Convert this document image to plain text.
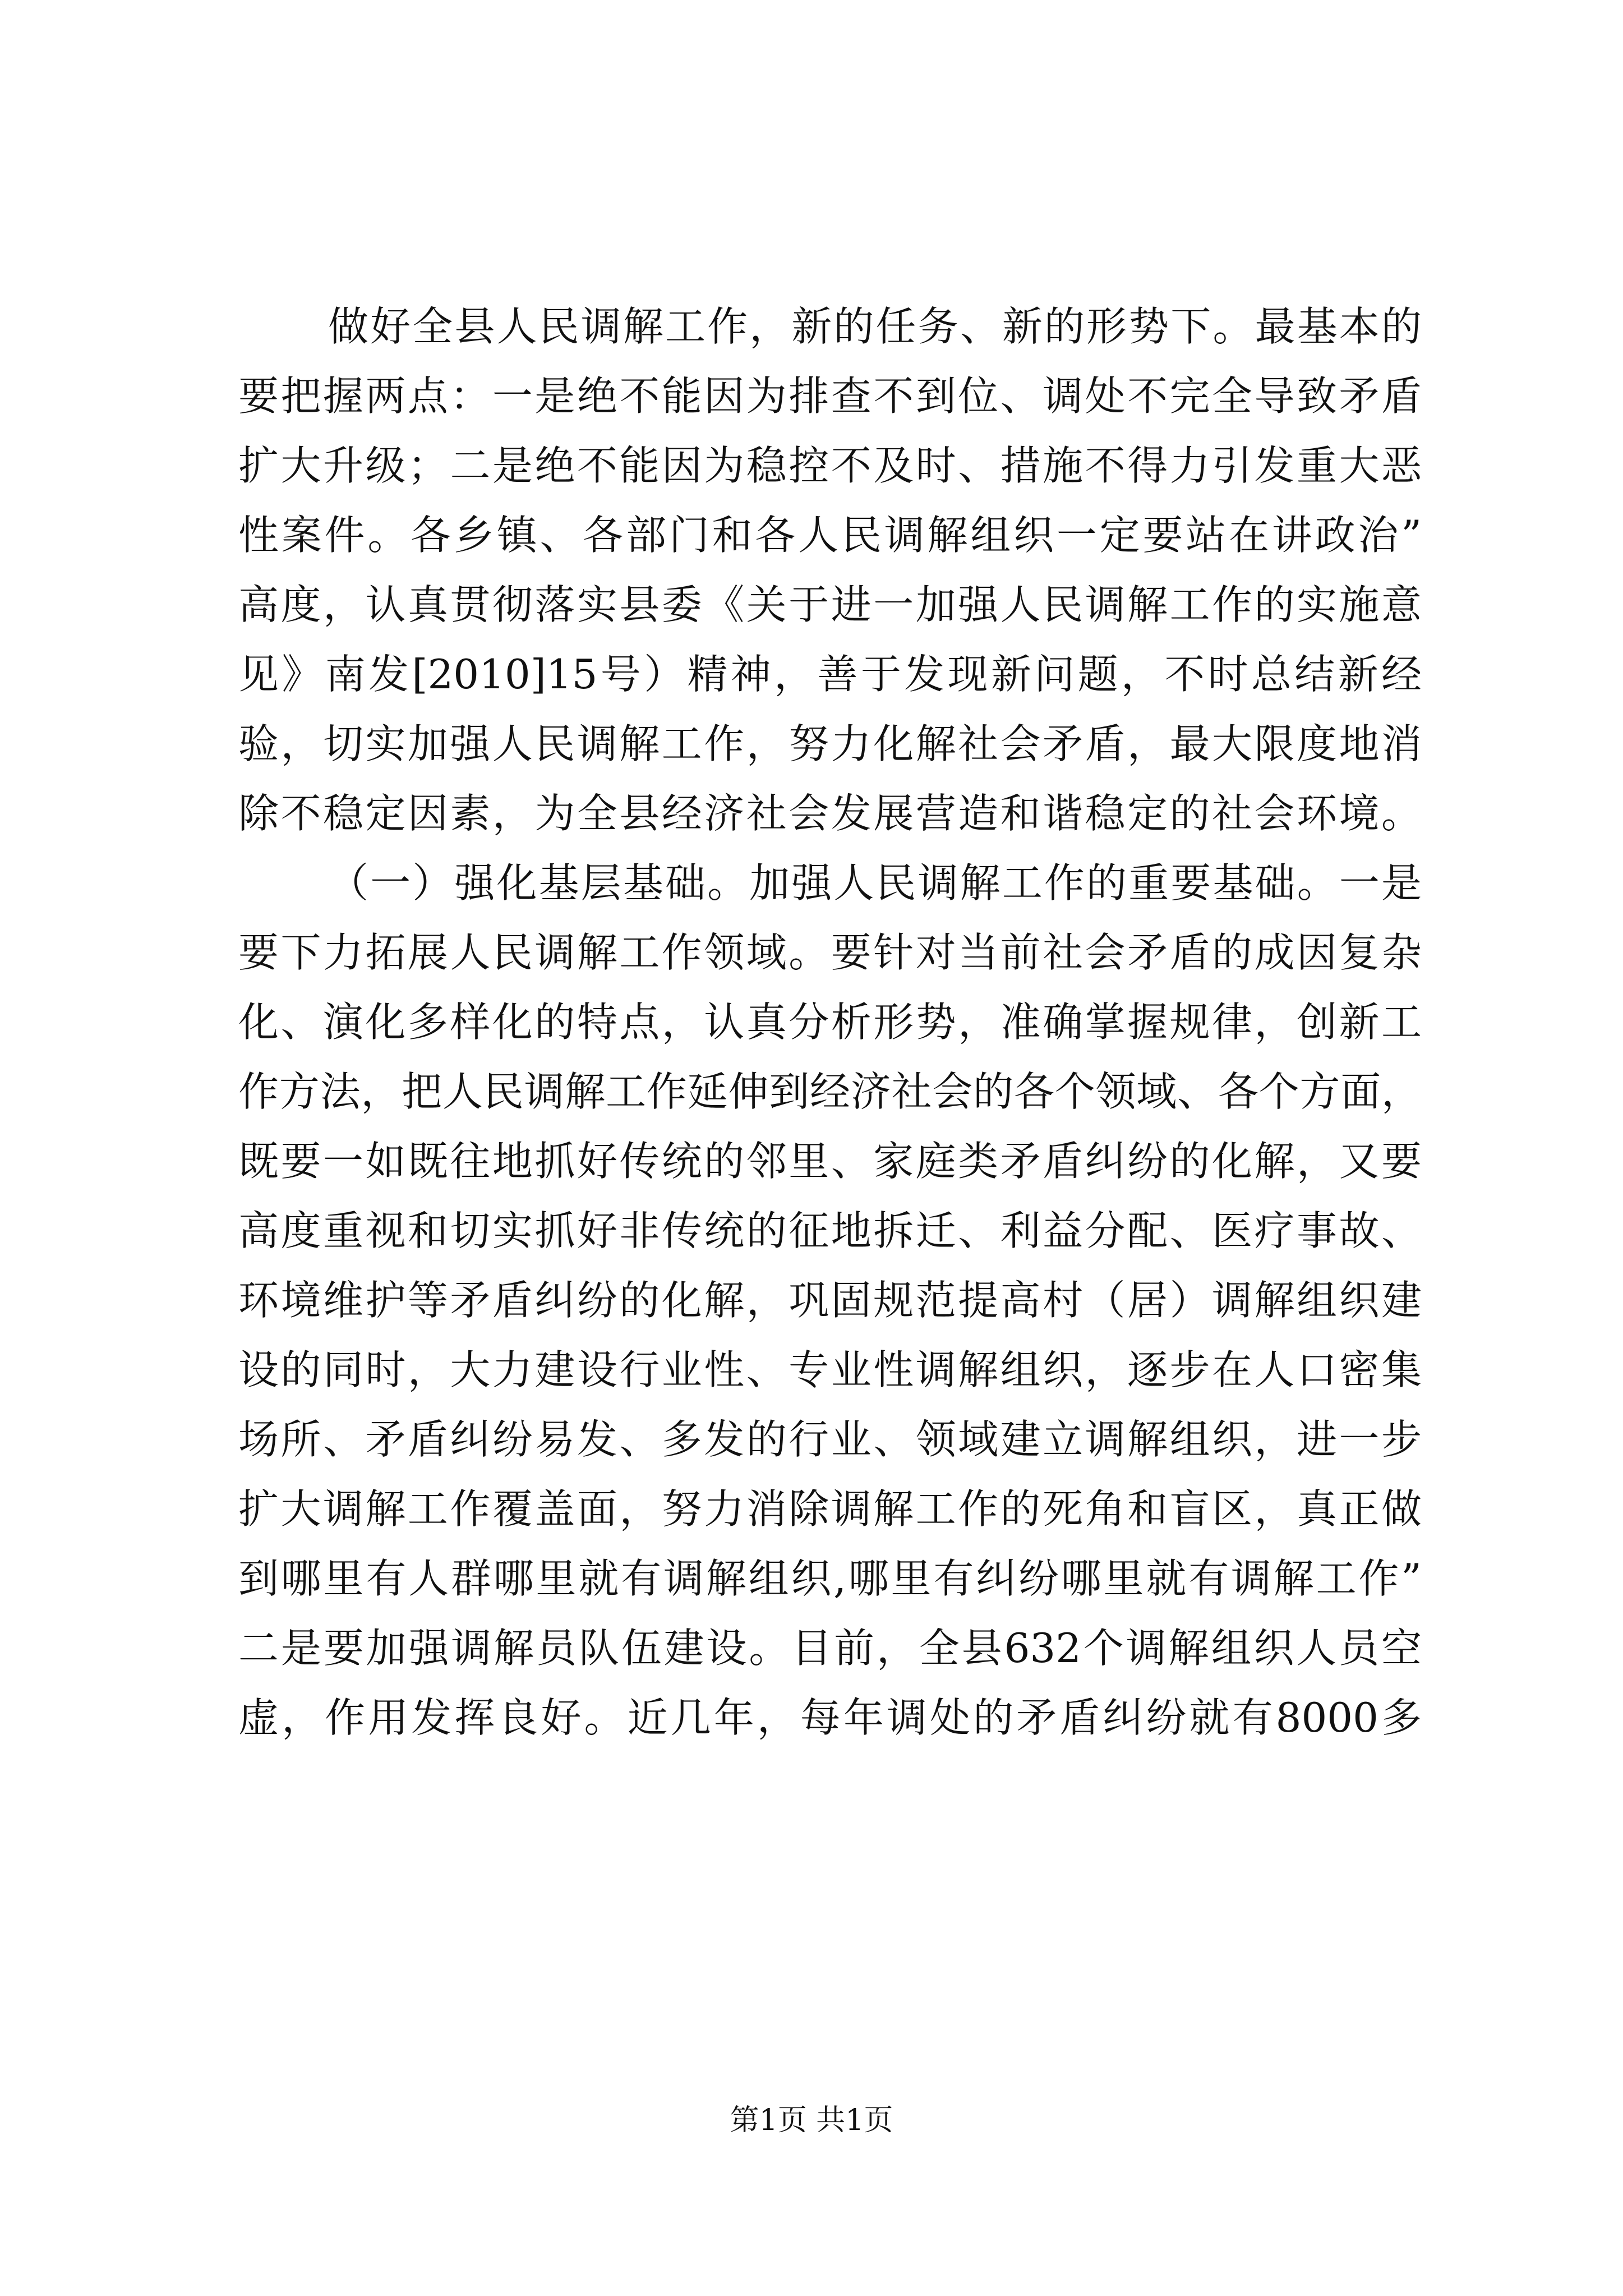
做好全县人民调解工作，新的任务、新的形势下。最基本的
要把握两点：一是绝不能因为排查不到位、调处不完全导致矛盾
扩大升级；二是绝不能因为稳控不及时、措施不得力引发重大恶
性案件。各乡镇、各部门和各人民调解组织一定要站在讲政治”
高度，认真贯彻落实县委《关于进一加强人民调解工作的实施意
见》南发[2010]15号）精神，善于发现新问题，不时总结新经
验，切实加强人民调解工作，努力化解社会矛盾，最大限度地消
除不稳定因素，为全县经济社会发展营造和谐稳定的社会环境。
（一）强化基层基础。加强人民调解工作的重要基础。一是
要下力拓展人民调解工作领域。要针对当前社会矛盾的成因复杂
化、演化多样化的特点，认真分析形势，准确掌握规律，创新工
作方法，把人民调解工作延伸到经济社会的各个领域、各个方面，
既要一如既往地抓好传统的邻里、家庭类矛盾纠纷的化解，又要
高度重视和切实抓好非传统的征地拆迁、利益分配、医疗事故、
环境维护等矛盾纠纷的化解，巩固规范提高村（居）调解组织建
设的同时，大力建设行业性、专业性调解组织，逐步在人口密集
场所、矛盾纠纷易发、多发的行业、领域建立调解组织，进一步
扩大调解工作覆盖面，努力消除调解工作的死角和盲区，真正做
到哪里有人群哪里就有调解组织,哪里有纠纷哪里就有调解工作”
二是要加强调解员队伍建设。目前，全县632个调解组织人员空
虚，作用发挥良好。近几年，每年调处的矛盾纠纷就有8000多
第1页 共1页
